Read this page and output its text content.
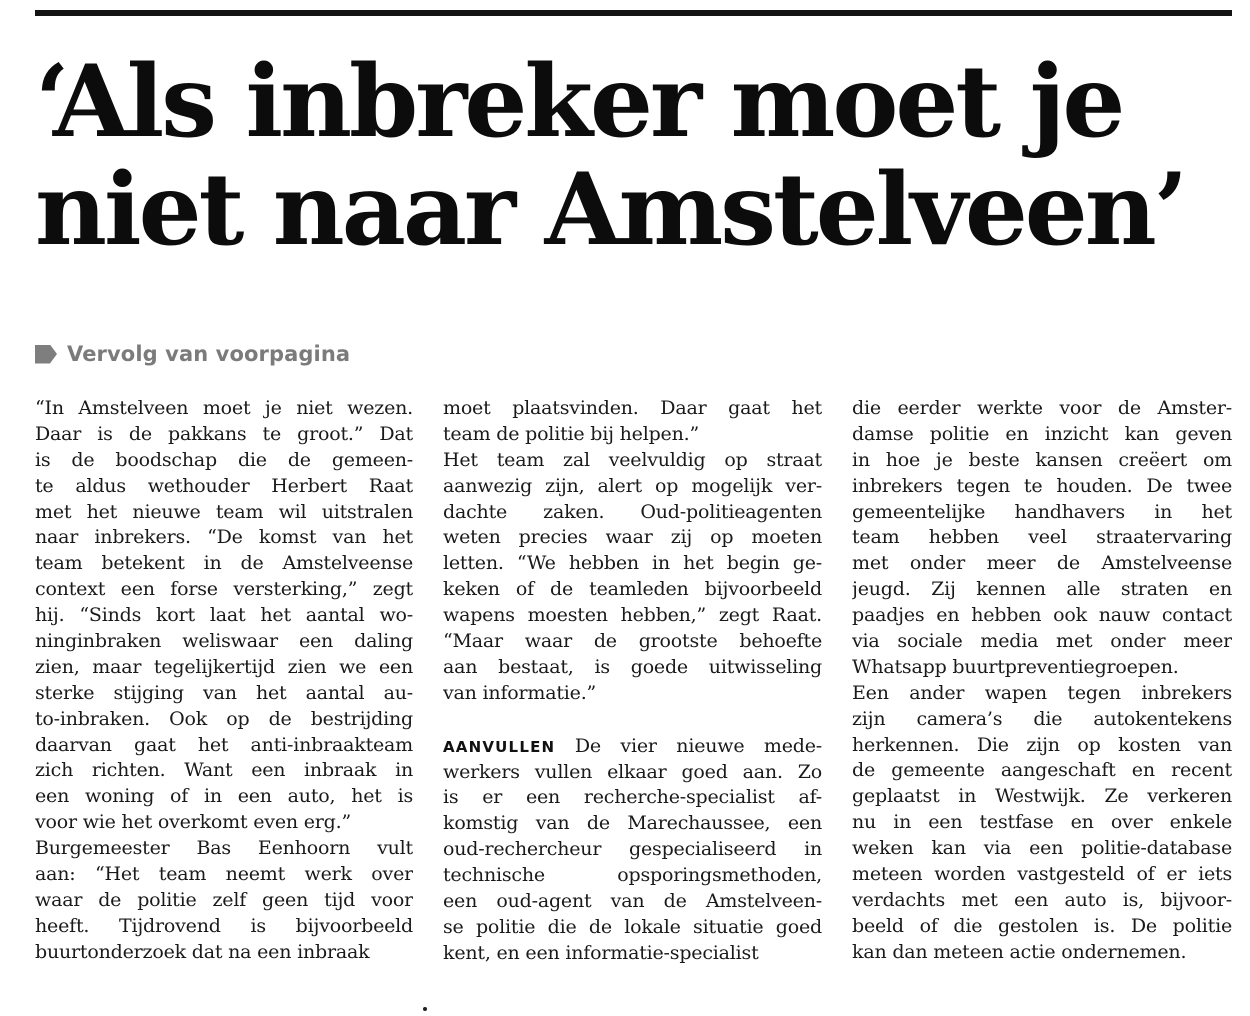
‘Als inbreker moet je
niet naar Amstelveen’
Vervolg van voorpagina
“In Amstelveen moet je niet wezen.
Daar is de pakkans te groot.” Dat
is de boodschap die de gemeen-
te aldus wethouder Herbert Raat
met het nieuwe team wil uitstralen
naar inbrekers. “De komst van het
team betekent in de Amstelveense
context een forse versterking,” zegt
hij. “Sinds kort laat het aantal wo-
ninginbraken weliswaar een daling
zien, maar tegelijkertijd zien we een
sterke stijging van het aantal au-
to-inbraken. Ook op de bestrijding
daarvan gaat het anti-inbraakteam
zich richten. Want een inbraak in
een woning of in een auto, het is
voor wie het overkomt even erg.”
Burgemeester Bas Eenhoorn vult
aan: “Het team neemt werk over
waar de politie zelf geen tijd voor
heeft. Tijdrovend is bijvoorbeeld
buurtonderzoek dat na een inbraak
moet plaatsvinden. Daar gaat het
team de politie bij helpen.”
Het team zal veelvuldig op straat
aanwezig zijn, alert op mogelijk ver-
dachte zaken. Oud-politieagenten
weten precies waar zij op moeten
letten. “We hebben in het begin ge-
keken of de teamleden bijvoorbeeld
wapens moesten hebben,” zegt Raat.
“Maar waar de grootste behoefte
aan bestaat, is goede uitwisseling
van informatie.”
AANVULLEN De vier nieuwe mede-
werkers vullen elkaar goed aan. Zo
is er een recherche-specialist af-
komstig van de Marechaussee, een
oud-rechercheur gespecialiseerd in
technische opsporingsmethoden,
een oud-agent van de Amstelveen-
se politie die de lokale situatie goed
kent, en een informatie-specialist
die eerder werkte voor de Amster-
damse politie en inzicht kan geven
in hoe je beste kansen creëert om
inbrekers tegen te houden. De twee
gemeentelijke handhavers in het
team hebben veel straatervaring
met onder meer de Amstelveense
jeugd. Zij kennen alle straten en
paadjes en hebben ook nauw contact
via sociale media met onder meer
Whatsapp buurtpreventiegroepen.
Een ander wapen tegen inbrekers
zijn camera’s die autokentekens
herkennen. Die zijn op kosten van
de gemeente aangeschaft en recent
geplaatst in Westwijk. Ze verkeren
nu in een testfase en over enkele
weken kan via een politie-database
meteen worden vastgesteld of er iets
verdachts met een auto is, bijvoor-
beeld of die gestolen is. De politie
kan dan meteen actie ondernemen.
